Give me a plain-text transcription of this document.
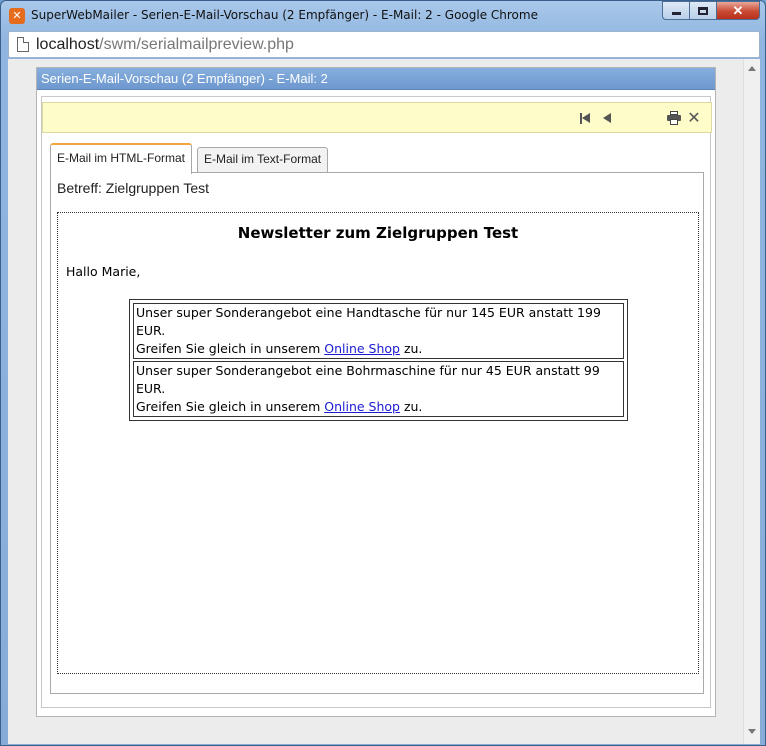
✕ SuperWebMailer - Serien-E-Mail-Vorschau (2 Empfänger) - E-Mail: 2 - Google Chrome	✕
localhost/swm/serialmailpreview.php
Serien-E-Mail-Vorschau (2 Empfänger) - E-Mail: 2
✕
E-Mail im HTML-Format	E-Mail im Text-Format
Betreff: Zielgruppen Test
Newsletter zum Zielgruppen Test
Hallo Marie,
Unser super Sonderangebot eine Handtasche für nur 145 EUR anstatt 199 EUR.
Greifen Sie gleich in unserem Online Shop zu.

Unser super Sonderangebot eine Bohrmaschine für nur 45 EUR anstatt 99 EUR.
Greifen Sie gleich in unserem Online Shop zu.
